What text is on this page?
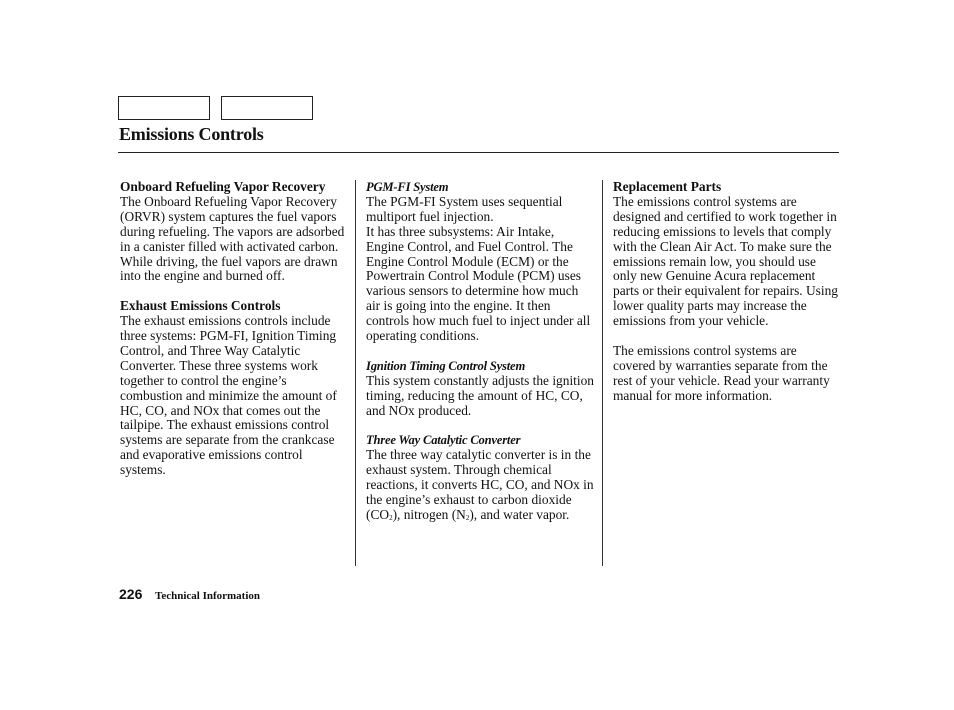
Emissions Controls
Onboard Refueling Vapor Recovery

The Onboard Refueling Vapor Recovery (ORVR) system captures the fuel vapors during refueling. The vapors are adsorbed in a canister filled with activated carbon. While driving, the fuel vapors are drawn into the engine and burned off.

Exhaust Emissions Controls

The exhaust emissions controls include three systems: PGM-FI, Ignition Timing Control, and Three Way Catalytic Converter. These three systems work together to control the engine’s combustion and minimize the amount of HC, CO, and NOx that comes out the tailpipe. The exhaust emissions control systems are separate from the crankcase and evaporative emissions control systems.

PGM-FI System

The PGM-FI System uses sequential multiport fuel injection.

It has three subsystems: Air Intake, Engine Control, and Fuel Control. The Engine Control Module (ECM) or the Powertrain Control Module (PCM) uses various sensors to determine how much air is going into the engine. It then controls how much fuel to inject under all operating conditions.

Ignition Timing Control System

This system constantly adjusts the ignition timing, reducing the amount of HC, CO, and NOx produced.

Three Way Catalytic Converter

The three way catalytic converter is in the exhaust system. Through chemical reactions, it converts HC, CO, and NOx in the engine’s exhaust to carbon dioxide $(CO_2)$, nitrogen $(N_2)$, and water vapor.

Replacement Parts

The emissions control systems are designed and certified to work together in reducing emissions to levels that comply with the Clean Air Act. To make sure the emissions remain low, you should use only new Genuine Acura replacement parts or their equivalent for repairs. Using lower quality parts may increase the emissions from your vehicle.

The emissions control systems are covered by warranties separate from the rest of your vehicle. Read your warranty manual for more information.

226 Technical Information
